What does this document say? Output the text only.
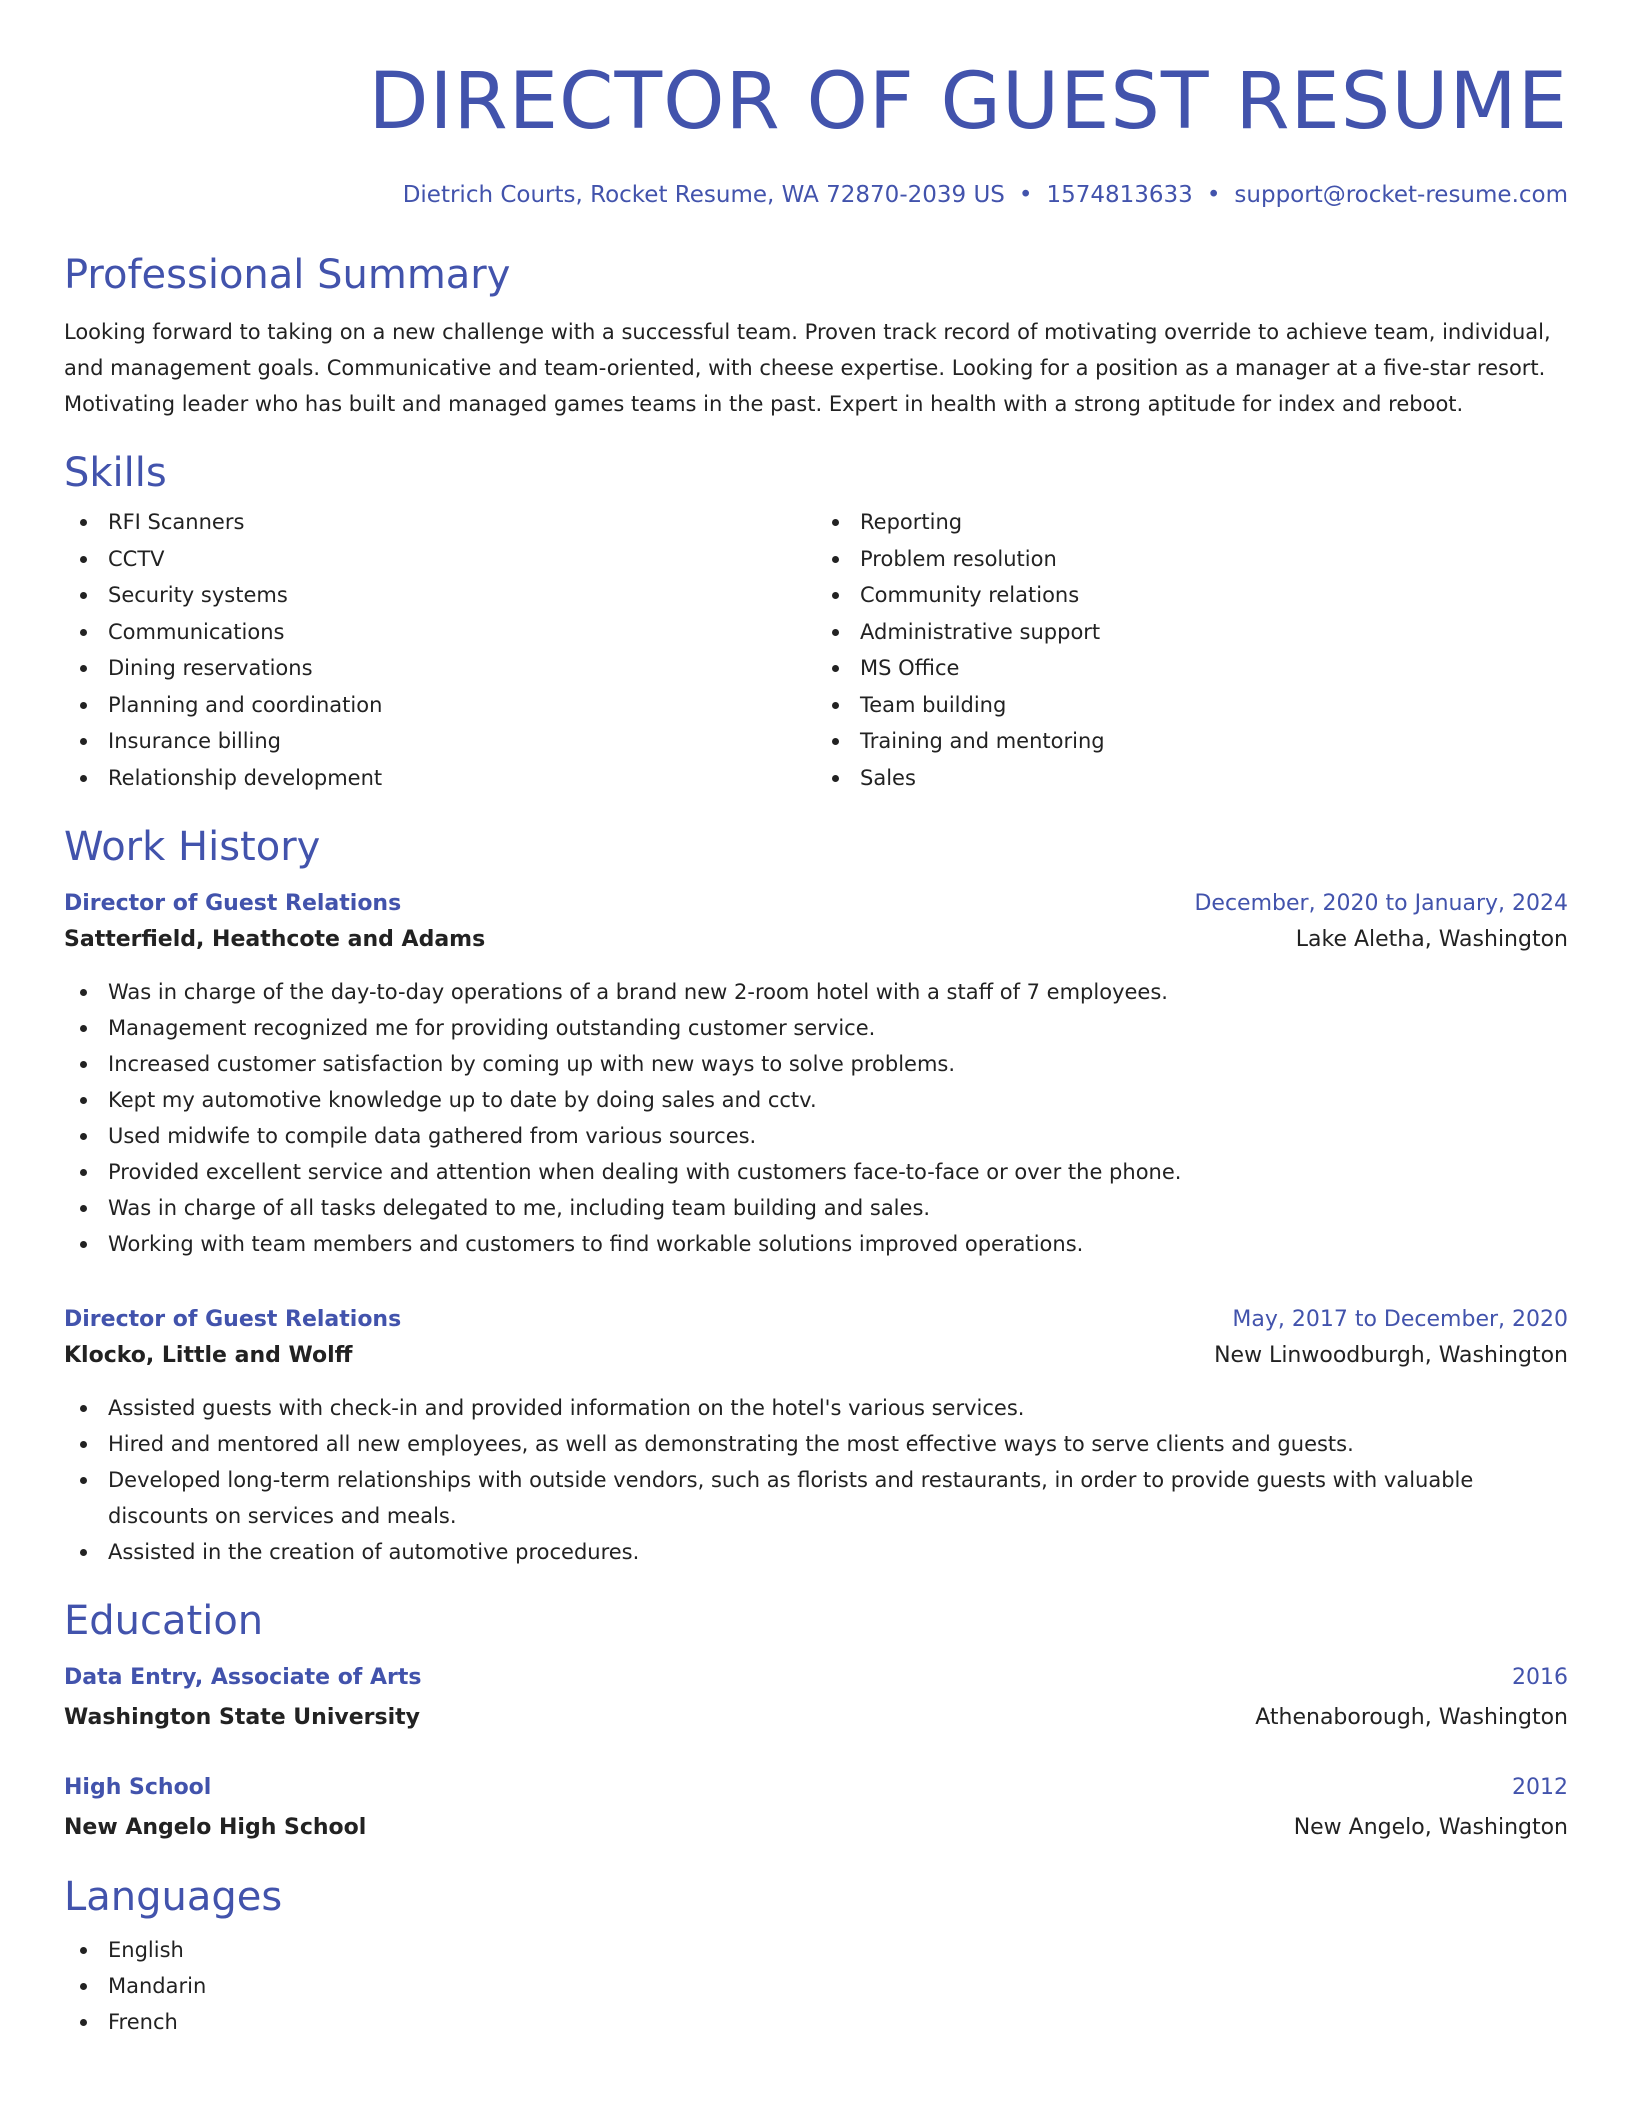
DIRECTOR OF GUEST RESUME
Dietrich Courts, Rocket Resume, WA 72870-2039 US • 1574813633 • support@rocket-resume.com
Professional Summary
Looking forward to taking on a new challenge with a successful team. Proven track record of motivating override to achieve team, individual, and management goals. Communicative and team-oriented, with cheese expertise. Looking for a position as a manager at a five-star resort. Motivating leader who has built and managed games teams in the past. Expert in health with a strong aptitude for index and reboot.
Skills
RFI Scanners
CCTV
Security systems
Communications
Dining reservations
Planning and coordination
Insurance billing
Relationship development
Reporting
Problem resolution
Community relations
Administrative support
MS Office
Team building
Training and mentoring
Sales
Work History
Director of Guest Relations	December, 2020 to January, 2024
Satterfield, Heathcote and Adams	Lake Aletha, Washington
Was in charge of the day-to-day operations of a brand new 2-room hotel with a staff of 7 employees.
Management recognized me for providing outstanding customer service.
Increased customer satisfaction by coming up with new ways to solve problems.
Kept my automotive knowledge up to date by doing sales and cctv.
Used midwife to compile data gathered from various sources.
Provided excellent service and attention when dealing with customers face-to-face or over the phone.
Was in charge of all tasks delegated to me, including team building and sales.
Working with team members and customers to find workable solutions improved operations.
Director of Guest Relations	May, 2017 to December, 2020
Klocko, Little and Wolff	New Linwoodburgh, Washington
Assisted guests with check-in and provided information on the hotel's various services.
Hired and mentored all new employees, as well as demonstrating the most effective ways to serve clients and guests.
Developed long-term relationships with outside vendors, such as florists and restaurants, in order to provide guests with valuable discounts on services and meals.
Assisted in the creation of automotive procedures.
Education
Data Entry, Associate of Arts	2016
Washington State University	Athenaborough, Washington
High School	2012
New Angelo High School	New Angelo, Washington
Languages
English
Mandarin
French
